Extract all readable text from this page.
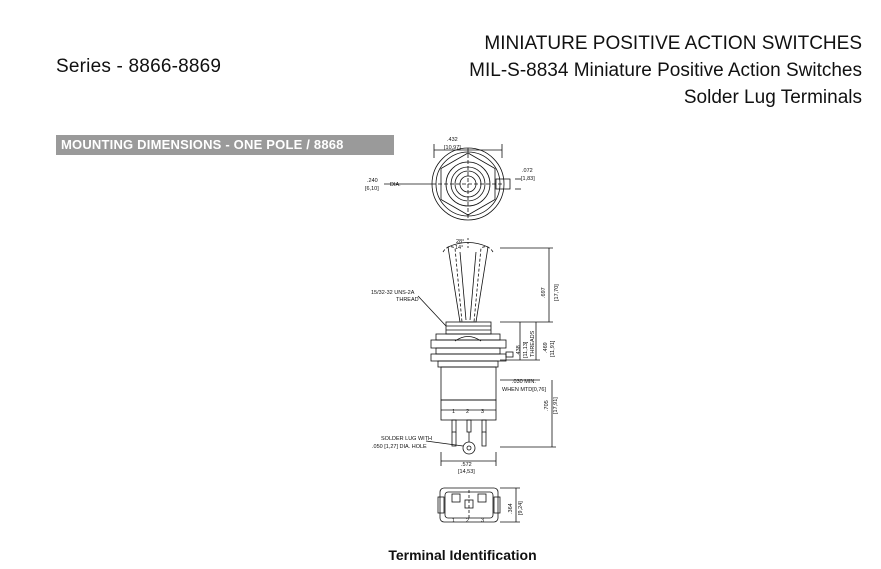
Series - 8866-8869
MINIATURE POSITIVE ACTION SWITCHES
MIL-S-8834 Miniature Positive Action Switches
Solder Lug Terminals
MOUNTING DIMENSIONS - ONE POLE / 8868	.432
[10,97]
.240
[6,10]
DIA.
.072
[1,83]
28°
14°
15/32-32 UNS-2A
THREAD
.697 [17,70]
.438 [11,13] THREADS .469 [11,91]
.030 MIN.
WHEN MTD[0,76]
.705 [17,91]
1 2 3
SOLDER LUG WITH
.050 [1,27] DIA. HOLE
.572
[14,53]
1 2 3
.364 [9,24]
Terminal Identification
